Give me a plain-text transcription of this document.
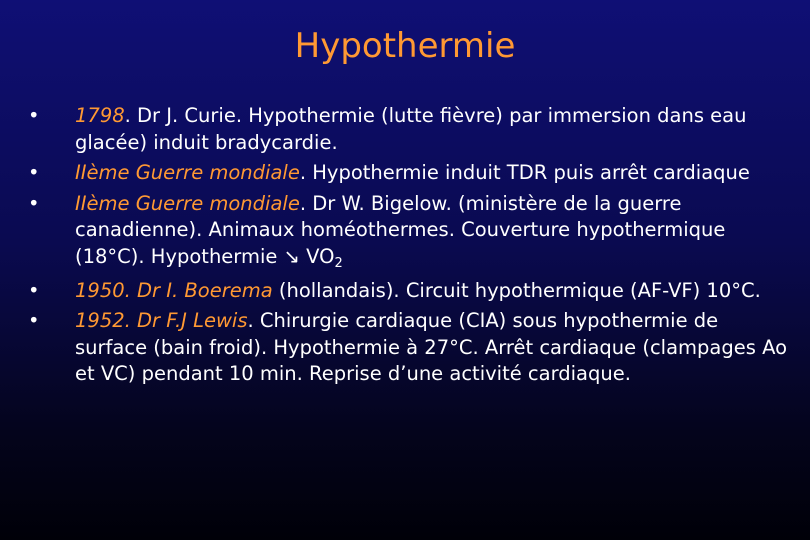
Hypothermie
•	1798. Dr J. Curie. Hypothermie (lutte fièvre) par immersion dans eau glacée) induit bradycardie.
•	IIème Guerre mondiale. Hypothermie induit TDR puis arrêt cardiaque
•	IIème Guerre mondiale. Dr W. Bigelow. (ministère de la guerre canadienne). Animaux homéothermes. Couverture hypothermique (18°C). Hypothermie ↘ $VO_2$
•	1950. Dr I. Boerema (hollandais). Circuit hypothermique (AF-VF) 10°C.
•	1952. Dr F.J Lewis. Chirurgie cardiaque (CIA) sous hypothermie de surface (bain froid). Hypothermie à 27°C. Arrêt cardiaque (clampages Ao et VC) pendant 10 min. Reprise d’une activité cardiaque.
